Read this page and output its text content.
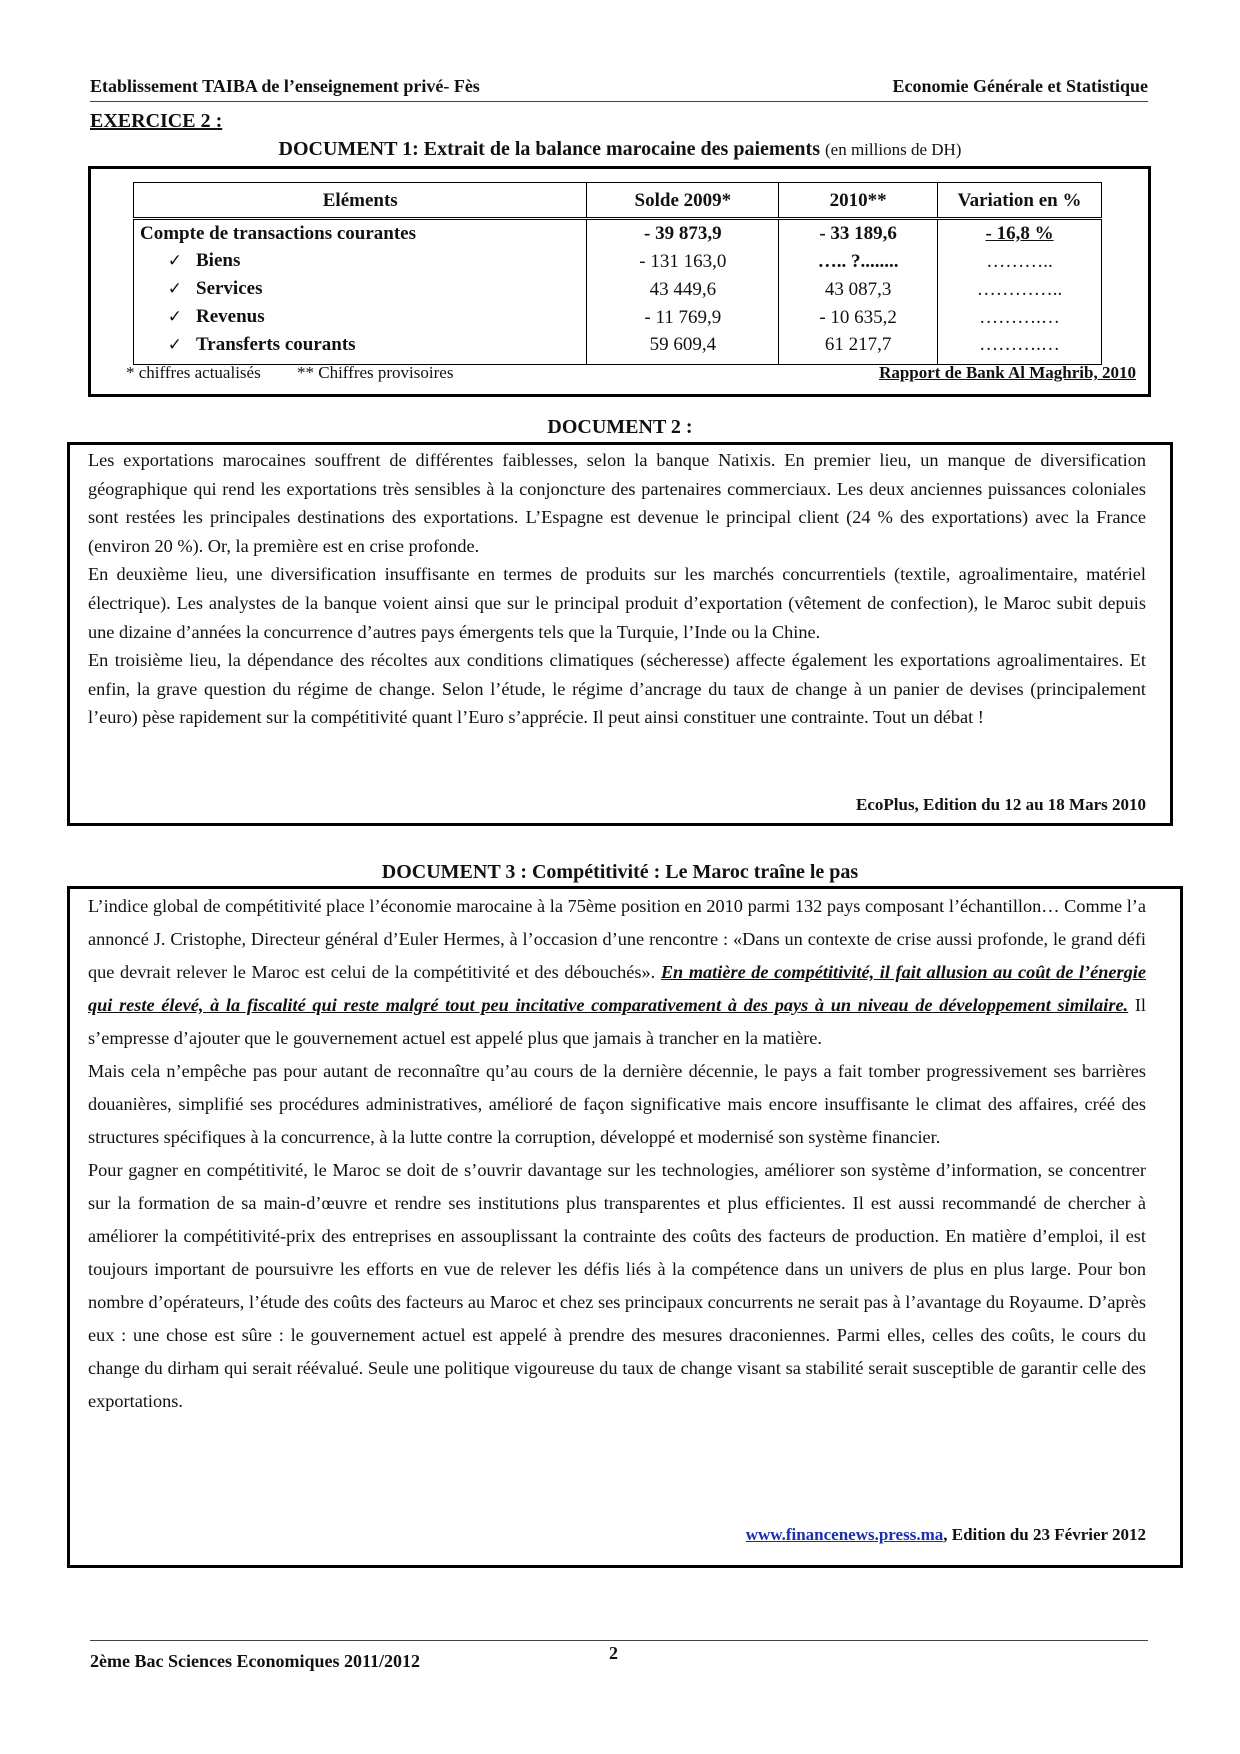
Etablissement TAIBA de l’enseignement privé- Fès	Economie Générale et Statistique
EXERCICE 2 :
DOCUMENT 1: Extrait de la balance marocaine des paiements (en millions de DH)
Eléments	Solde 2009*	2010**	Variation en %
Compte de transactions courantes	- 39 873,9	- 33 189,6	- 16,8 %
✓ Biens	- 131 163,0	….. ?........	………..
✓ Services	43 449,6	43 087,3	…………..
✓ Revenus	- 11 769,9	- 10 635,2	……….…
✓ Transferts courants	59 609,4	61 217,7	……….…
* chiffres actualisés ** Chiffres provisoires	Rapport de Bank Al Maghrib, 2010
DOCUMENT 2 :

Les exportations marocaines souffrent de différentes faiblesses, selon la banque Natixis. En premier lieu, un manque de diversification géographique qui rend les exportations très sensibles à la conjoncture des partenaires commerciaux. Les deux anciennes puissances coloniales sont restées les principales destinations des exportations. L’Espagne est devenue le principal client (24 % des exportations) avec la France (environ 20 %). Or, la première est en crise profonde.

En deuxième lieu, une diversification insuffisante en termes de produits sur les marchés concurrentiels (textile, agroalimentaire, matériel électrique). Les analystes de la banque voient ainsi que sur le principal produit d’exportation (vêtement de confection), le Maroc subit depuis une dizaine d’années la concurrence d’autres pays émergents tels que la Turquie, l’Inde ou la Chine.

En troisième lieu, la dépendance des récoltes aux conditions climatiques (sécheresse) affecte également les exportations agroalimentaires. Et enfin, la grave question du régime de change. Selon l’étude, le régime d’ancrage du taux de change à un panier de devises (principalement l’euro) pèse rapidement sur la compétitivité quant l’Euro s’apprécie. Il peut ainsi constituer une contrainte. Tout un débat !

EcoPlus, Edition du 12 au 18 Mars 2010
DOCUMENT 3 : Compétitivité : Le Maroc traîne le pas

L’indice global de compétitivité place l’économie marocaine à la 75ème position en 2010 parmi 132 pays composant l’échantillon… Comme l’a annoncé J. Cristophe, Directeur général d’Euler Hermes, à l’occasion d’une rencontre : «Dans un contexte de crise aussi profonde, le grand défi que devrait relever le Maroc est celui de la compétitivité et des débouchés». En matière de compétitivité, il fait allusion au coût de l’énergie qui reste élevé, à la fiscalité qui reste malgré tout peu incitative comparativement à des pays à un niveau de développement similaire. Il s’empresse d’ajouter que le gouvernement actuel est appelé plus que jamais à trancher en la matière.

Mais cela n’empêche pas pour autant de reconnaître qu’au cours de la dernière décennie, le pays a fait tomber progressivement ses barrières douanières, simplifié ses procédures administratives, amélioré de façon significative mais encore insuffisante le climat des affaires, créé des structures spécifiques à la concurrence, à la lutte contre la corruption, développé et modernisé son système financier.

Pour gagner en compétitivité, le Maroc se doit de s’ouvrir davantage sur les technologies, améliorer son système d’information, se concentrer sur la formation de sa main-d’œuvre et rendre ses institutions plus transparentes et plus efficientes. Il est aussi recommandé de chercher à améliorer la compétitivité-prix des entreprises en assouplissant la contrainte des coûts des facteurs de production. En matière d’emploi, il est toujours important de poursuivre les efforts en vue de relever les défis liés à la compétence dans un univers de plus en plus large. Pour bon nombre d’opérateurs, l’étude des coûts des facteurs au Maroc et chez ses principaux concurrents ne serait pas à l’avantage du Royaume. D’après eux : une chose est sûre : le gouvernement actuel est appelé à prendre des mesures draconiennes. Parmi elles, celles des coûts, le cours du change du dirham qui serait réévalué. Seule une politique vigoureuse du taux de change visant sa stabilité serait susceptible de garantir celle des exportations.

www.financenews.press.ma, Edition du 23 Février 2012
2ème Bac Sciences Economiques 2011/2012	2
